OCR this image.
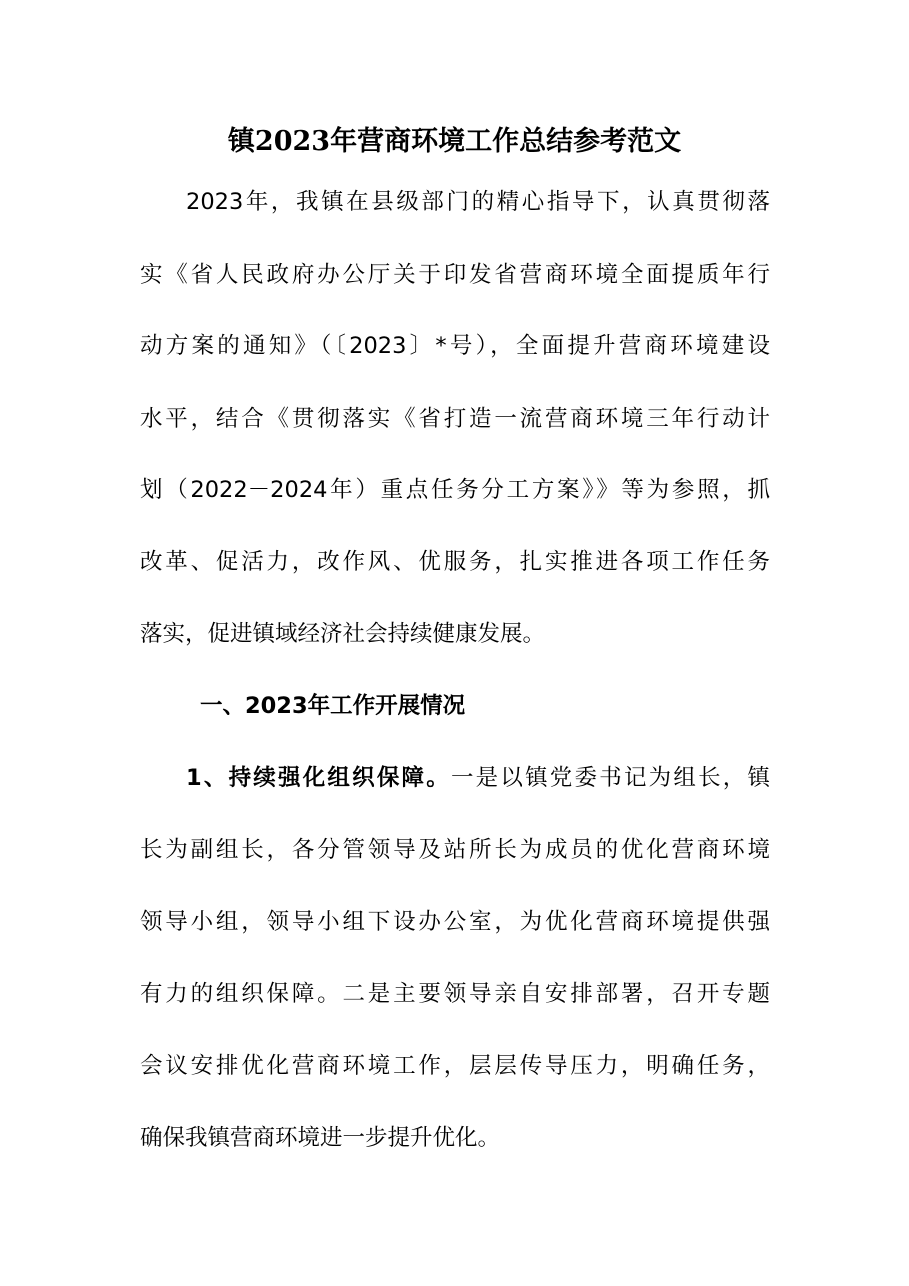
镇2023年营商环境工作总结参考范文

2023年，我镇在县级部门的精心指导下，认真贯彻落

实《省人民政府办公厅关于印发省营商环境全面提质年行

动方案的通知》（〔2023〕*号），全面提升营商环境建设

水平，结合《贯彻落实《省打造一流营商环境三年行动计

划（2022－2024年）重点任务分工方案》》等为参照，抓

改革、促活力，改作风、优服务，扎实推进各项工作任务

落实，促进镇域经济社会持续健康发展。

一、2023年工作开展情况

1、持续强化组织保障。一是以镇党委书记为组长，镇

长为副组长，各分管领导及站所长为成员的优化营商环境

领导小组，领导小组下设办公室，为优化营商环境提供强

有力的组织保障。二是主要领导亲自安排部署，召开专题

会议安排优化营商环境工作，层层传导压力，明确任务，

确保我镇营商环境进一步提升优化。
